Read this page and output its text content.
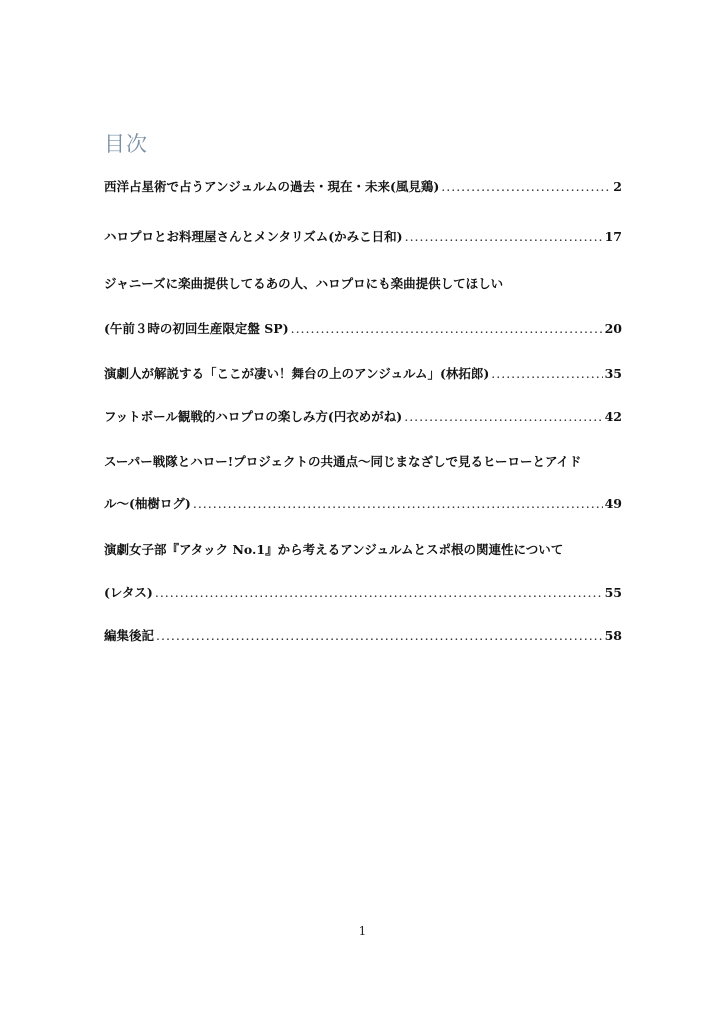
目次
西洋占星術で占うアンジュルムの過去・現在・未来(風見鶏) .....	2
ハロプロとお料理屋さんとメンタリズム(かみこ日和) .....	17
ジャニーズに楽曲提供してるあの人、ハロプロにも楽曲提供してほしい
(午前３時の初回生産限定盤 SP) .....	20
演劇人が解説する「ここが凄い！舞台の上のアンジュルム」(林拓郎) .....	35
フットボール観戦的ハロプロの楽しみ方(円衣めがね) .....	42
スーパー戦隊とハロー!プロジェクトの共通点〜同じまなざしで見るヒーローとアイド
ル〜(柚樹ログ) .....	49
演劇女子部『アタック No.1』から考えるアンジュルムとスポ根の関連性について
(レタス) .....	55
編集後記 .....	58
1
